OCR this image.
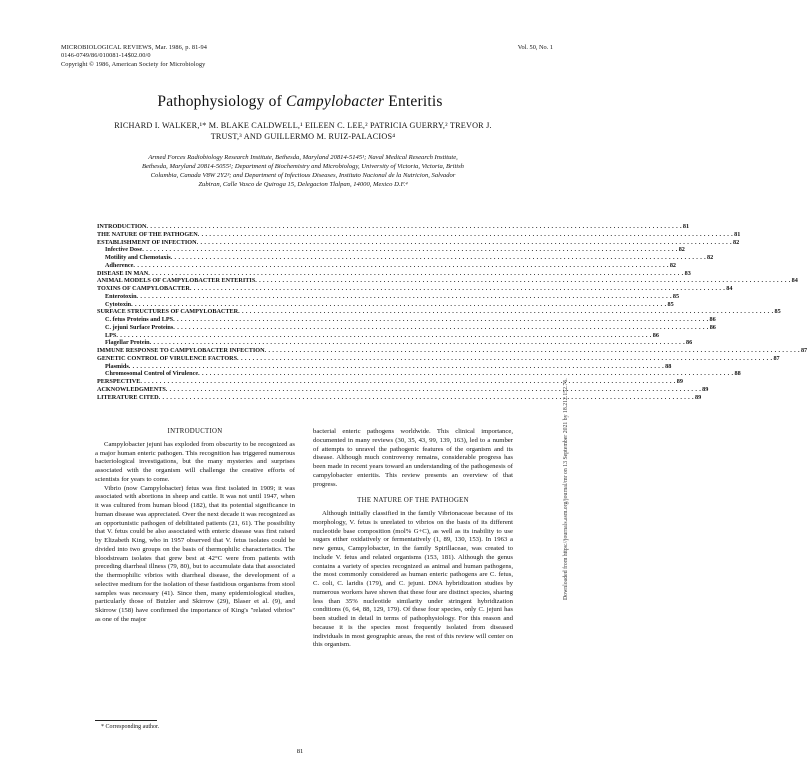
MICROBIOLOGICAL REVIEWS, Mar. 1986, p. 81-94
0146-0749/86/010081-14$02.00/0
Copyright © 1986, American Society for Microbiology
Vol. 50, No. 1
Pathophysiology of Campylobacter Enteritis
RICHARD I. WALKER,¹* M. BLAKE CALDWELL,¹ EILEEN C. LEE,² PATRICIA GUERRY,² TREVOR J.
TRUST,³ AND GUILLERMO M. RUIZ-PALACIOS⁴
Armed Forces Radiobiology Research Institute, Bethesda, Maryland 20814-5145¹; Naval Medical Research Institute,
Bethesda, Maryland 20814-5055²; Department of Biochemistry and Microbiology, University of Victoria, Victoria, British
Columbia, Canada V8W 2Y2³; and Department of Infectious Diseases, Instituto Nacional de la Nutricion, Salvador
Zubiran, Calle Vasco de Quiroga 15, Delegacion Tlalpan, 14000, Mexico D.F.⁴
INTRODUCTION . . . . . . . . . . . . . . . . . . . . . . . . . . . . . . . . . . . . . . . . . . . . . . . . . . . . . . . . . . . . . . . . . . . . . . . . . . . . . . . . . . . . . . . . . . . . . . . . . . . . . . . . . . . . . . . . . . . . . . . . . . . . . . . . . . . . . . . . . . 81
THE NATURE OF THE PATHOGEN . . . . . . . . . . . . . . . . . . . . . . . . . . . . . . . . . . . . . . . . . . . . . . . . . . . . . . . . . . . . . . . . . . . . . . . . . . . . . . . . . . . . . . . . . . . . . . . . . . . . . . . . . . . . . . . . . . . . . . . . . . . . . . . . . . . . . . . . . . 81
ESTABLISHMENT OF INFECTION . . . . . . . . . . . . . . . . . . . . . . . . . . . . . . . . . . . . . . . . . . . . . . . . . . . . . . . . . . . . . . . . . . . . . . . . . . . . . . . . . . . . . . . . . . . . . . . . . . . . . . . . . . . . . . . . . . . . . . . . . . . . . . . . . . . . . . . . . . 82
Infective Dose . . . . . . . . . . . . . . . . . . . . . . . . . . . . . . . . . . . . . . . . . . . . . . . . . . . . . . . . . . . . . . . . . . . . . . . . . . . . . . . . . . . . . . . . . . . . . . . . . . . . . . . . . . . . . . . . . . . . . . . . . . . . . . . . . . . . . . . . . . 82
Motility and Chemotaxis . . . . . . . . . . . . . . . . . . . . . . . . . . . . . . . . . . . . . . . . . . . . . . . . . . . . . . . . . . . . . . . . . . . . . . . . . . . . . . . . . . . . . . . . . . . . . . . . . . . . . . . . . . . . . . . . . . . . . . . . . . . . . . . . . . . . . . . . . . 82
Adherence . . . . . . . . . . . . . . . . . . . . . . . . . . . . . . . . . . . . . . . . . . . . . . . . . . . . . . . . . . . . . . . . . . . . . . . . . . . . . . . . . . . . . . . . . . . . . . . . . . . . . . . . . . . . . . . . . . . . . . . . . . . . . . . . . . . . . . . . . . 82
DISEASE IN MAN . . . . . . . . . . . . . . . . . . . . . . . . . . . . . . . . . . . . . . . . . . . . . . . . . . . . . . . . . . . . . . . . . . . . . . . . . . . . . . . . . . . . . . . . . . . . . . . . . . . . . . . . . . . . . . . . . . . . . . . . . . . . . . . . . . . . . . . . . . 83
ANIMAL MODELS OF CAMPYLOBACTER ENTERITIS . . . . . . . . . . . . . . . . . . . . . . . . . . . . . . . . . . . . . . . . . . . . . . . . . . . . . . . . . . . . . . . . . . . . . . . . . . . . . . . . . . . . . . . . . . . . . . . . . . . . . . . . . . . . . . . . . . . . . . . . . . . . . . . . . . . . . . . . . . 84
TOXINS OF CAMPYLOBACTER . . . . . . . . . . . . . . . . . . . . . . . . . . . . . . . . . . . . . . . . . . . . . . . . . . . . . . . . . . . . . . . . . . . . . . . . . . . . . . . . . . . . . . . . . . . . . . . . . . . . . . . . . . . . . . . . . . . . . . . . . . . . . . . . . . . . . . . . . . 84
Enterotoxin . . . . . . . . . . . . . . . . . . . . . . . . . . . . . . . . . . . . . . . . . . . . . . . . . . . . . . . . . . . . . . . . . . . . . . . . . . . . . . . . . . . . . . . . . . . . . . . . . . . . . . . . . . . . . . . . . . . . . . . . . . . . . . . . . . . . . . . . . . 85
Cytotoxin . . . . . . . . . . . . . . . . . . . . . . . . . . . . . . . . . . . . . . . . . . . . . . . . . . . . . . . . . . . . . . . . . . . . . . . . . . . . . . . . . . . . . . . . . . . . . . . . . . . . . . . . . . . . . . . . . . . . . . . . . . . . . . . . . . . . . . . . . . 85
SURFACE STRUCTURES OF CAMPYLOBACTER . . . . . . . . . . . . . . . . . . . . . . . . . . . . . . . . . . . . . . . . . . . . . . . . . . . . . . . . . . . . . . . . . . . . . . . . . . . . . . . . . . . . . . . . . . . . . . . . . . . . . . . . . . . . . . . . . . . . . . . . . . . . . . . . . . . . . . . . . . 85
C. fetus Proteins and LPS . . . . . . . . . . . . . . . . . . . . . . . . . . . . . . . . . . . . . . . . . . . . . . . . . . . . . . . . . . . . . . . . . . . . . . . . . . . . . . . . . . . . . . . . . . . . . . . . . . . . . . . . . . . . . . . . . . . . . . . . . . . . . . . . . . . . . . . . . . 86
C. jejuni Surface Proteins . . . . . . . . . . . . . . . . . . . . . . . . . . . . . . . . . . . . . . . . . . . . . . . . . . . . . . . . . . . . . . . . . . . . . . . . . . . . . . . . . . . . . . . . . . . . . . . . . . . . . . . . . . . . . . . . . . . . . . . . . . . . . . . . . . . . . . . . . . 86
LPS . . . . . . . . . . . . . . . . . . . . . . . . . . . . . . . . . . . . . . . . . . . . . . . . . . . . . . . . . . . . . . . . . . . . . . . . . . . . . . . . . . . . . . . . . . . . . . . . . . . . . . . . . . . . . . . . . . . . . . . . . . . . . . . . . . . . . . . . . . 86
Flagellar Protein . . . . . . . . . . . . . . . . . . . . . . . . . . . . . . . . . . . . . . . . . . . . . . . . . . . . . . . . . . . . . . . . . . . . . . . . . . . . . . . . . . . . . . . . . . . . . . . . . . . . . . . . . . . . . . . . . . . . . . . . . . . . . . . . . . . . . . . . . . 86
IMMUNE RESPONSE TO CAMPYLOBACTER INFECTION . . . . . . . . . . . . . . . . . . . . . . . . . . . . . . . . . . . . . . . . . . . . . . . . . . . . . . . . . . . . . . . . . . . . . . . . . . . . . . . . . . . . . . . . . . . . . . . . . . . . . . . . . . . . . . . . . . . . . . . . . . . . . . . . . . . . . . . . . . 87
GENETIC CONTROL OF VIRULENCE FACTORS . . . . . . . . . . . . . . . . . . . . . . . . . . . . . . . . . . . . . . . . . . . . . . . . . . . . . . . . . . . . . . . . . . . . . . . . . . . . . . . . . . . . . . . . . . . . . . . . . . . . . . . . . . . . . . . . . . . . . . . . . . . . . . . . . . . . . . . . . . 87
Plasmids . . . . . . . . . . . . . . . . . . . . . . . . . . . . . . . . . . . . . . . . . . . . . . . . . . . . . . . . . . . . . . . . . . . . . . . . . . . . . . . . . . . . . . . . . . . . . . . . . . . . . . . . . . . . . . . . . . . . . . . . . . . . . . . . . . . . . . . . . . 88
Chromosomal Control of Virulence . . . . . . . . . . . . . . . . . . . . . . . . . . . . . . . . . . . . . . . . . . . . . . . . . . . . . . . . . . . . . . . . . . . . . . . . . . . . . . . . . . . . . . . . . . . . . . . . . . . . . . . . . . . . . . . . . . . . . . . . . . . . . . . . . . . . . . . . . . 88
PERSPECTIVE . . . . . . . . . . . . . . . . . . . . . . . . . . . . . . . . . . . . . . . . . . . . . . . . . . . . . . . . . . . . . . . . . . . . . . . . . . . . . . . . . . . . . . . . . . . . . . . . . . . . . . . . . . . . . . . . . . . . . . . . . . . . . . . . . . . . . . . . . . 89
ACKNOWLEDGMENTS . . . . . . . . . . . . . . . . . . . . . . . . . . . . . . . . . . . . . . . . . . . . . . . . . . . . . . . . . . . . . . . . . . . . . . . . . . . . . . . . . . . . . . . . . . . . . . . . . . . . . . . . . . . . . . . . . . . . . . . . . . . . . . . . . . . . . . . . . . 89
LITERATURE CITED . . . . . . . . . . . . . . . . . . . . . . . . . . . . . . . . . . . . . . . . . . . . . . . . . . . . . . . . . . . . . . . . . . . . . . . . . . . . . . . . . . . . . . . . . . . . . . . . . . . . . . . . . . . . . . . . . . . . . . . . . . . . . . . . . . . . . . . . . . 89
INTRODUCTION

Campylobacter jejuni has exploded from obscurity to be recognized as a major human enteric pathogen. This recognition has triggered numerous bacteriological investigations, but the many mysteries and surprises associated with the organism will challenge the creative efforts of scientists for years to come.

Vibrio (now Campylobacter) fetus was first isolated in 1909; it was associated with abortions in sheep and cattle. It was not until 1947, when it was cultured from human blood (182), that its potential significance in human disease was appreciated. Over the next decade it was recognized as an opportunistic pathogen of debilitated patients (21, 61). The possibility that V. fetus could be also associated with enteric disease was first raised by Elizabeth King, who in 1957 observed that V. fetus isolates could be divided into two groups on the basis of thermophilic characteristics. The bloodstream isolates that grew best at 42°C were from patients with preceding diarrheal illness (79, 80), but to accumulate data that associated the thermophilic vibrios with diarrheal disease, the development of a selective medium for the isolation of these fastidious organisms from stool samples was necessary (41). Since then, many epidemiological studies, particularly those of Butzler and Skirrow (29), Blaser et al. (9), and Skirrow (158) have confirmed the importance of King's "related vibrios" as one of the major

bacterial enteric pathogens worldwide. This clinical importance, documented in many reviews (30, 35, 43, 99, 139, 163), led to a number of attempts to unravel the pathogenic features of the organism and its disease. Although much controversy remains, considerable progress has been made in recent years toward an understanding of the pathogenesis of campylobacter enteritis. This review presents an overview of that progress.

THE NATURE OF THE PATHOGEN

Although initially classified in the family Vibrionaceae because of its morphology, V. fetus is unrelated to vibrios on the basis of its different nucleotide base composition (mol% G+C), as well as its inability to use sugars either oxidatively or fermentatively (1, 89, 130, 153). In 1963 a new genus, Campylobacter, in the family Spirillaceae, was created to include V. fetus and related organisms (153, 181). Although the genus contains a variety of species recognized as animal and human pathogens, the most commonly considered as human enteric pathogens are C. fetus, C. coli, C. laridis (179), and C. jejuni. DNA hybridization studies by numerous workers have shown that these four are distinct species, sharing less than 35% nucleotide similarity under stringent hybridization conditions (6, 64, 88, 129, 179). Of these four species, only C. jejuni has been studied in detail in terms of pathophysiology. For this reason and because it is the species most frequently isolated from diseased individuals in most geographic areas, the rest of this review will center on this organism.

* Corresponding author.
81
Downloaded from https://journals.asm.org/journal/mr on 13 September 2021 by 18.212.152.76.
